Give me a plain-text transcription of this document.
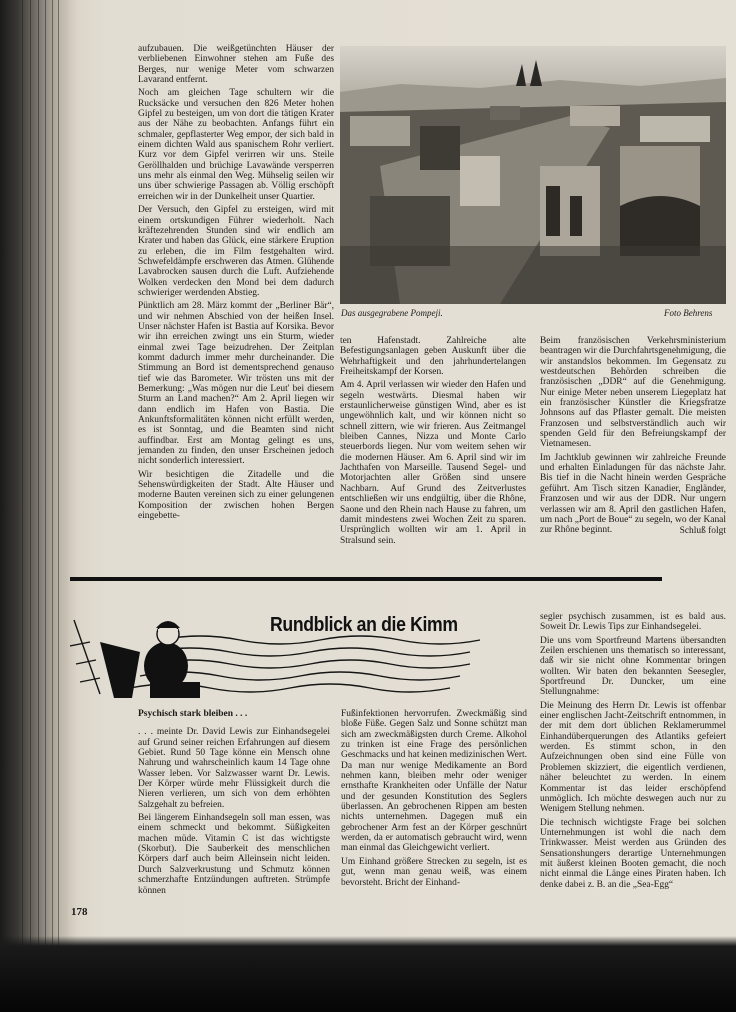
aufzubauen. Die weißgetünchten Häuser der verbliebenen Einwohner stehen am Fuße des Berges, nur wenige Meter vom schwarzen Lavarand entfernt.

Noch am gleichen Tage schultern wir die Rucksäcke und versuchen den 826 Meter hohen Gipfel zu besteigen, um von dort die tätigen Krater aus der Nähe zu beobachten. Anfangs führt ein schmaler, gepflasterter Weg empor, der sich bald in einem dichten Wald aus spanischem Rohr verliert. Kurz vor dem Gipfel verirren wir uns. Steile Geröllhalden und brüchige Lavawände versperren uns mehr als einmal den Weg. Mühselig seilen wir uns über schwierige Passagen ab. Völlig erschöpft erreichen wir in der Dunkelheit unser Quartier.

Der Versuch, den Gipfel zu ersteigen, wird mit einem ortskundigen Führer wiederholt. Nach kräftezehrenden Stunden sind wir endlich am Krater und haben das Glück, eine stärkere Eruption zu erleben, die im Film festgehalten wird. Schwefeldämpfe erschweren das Atmen. Glühende Lavabrocken sausen durch die Luft. Aufziehende Wolken verdecken den Mond bei dem dadurch schwieriger werdenden Abstieg.

Pünktlich am 28. März kommt der „Berliner Bär“, und wir nehmen Abschied von der heißen Insel. Unser nächster Hafen ist Bastia auf Korsika. Bevor wir ihn erreichen zwingt uns ein Sturm, wieder einmal zwei Tage beizudrehen. Der Zeitplan kommt dadurch immer mehr durcheinander. Die Stimmung an Bord ist dementsprechend genauso tief wie das Barometer. Wir trösten uns mit der Bemerkung: „Was mögen nur die Leut' bei diesem Sturm an Land machen?“ Am 2. April liegen wir dann endlich im Hafen von Bastia. Die Ankunftsformalitäten können nicht erfüllt werden, es ist Sonntag, und die Beamten sind nicht auffindbar. Erst am Montag gelingt es uns, jemanden zu finden, den unser Erscheinen jedoch nicht sonderlich interessiert.

Wir besichtigen die Zitadelle und die Sehenswürdigkeiten der Stadt. Alte Häuser und moderne Bauten vereinen sich zu einer gelungenen Komposition der zwischen hohen Bergen eingebette-

Das ausgegrabene Pompeji.	Foto Behrens

ten Hafenstadt. Zahlreiche alte Befestigungsanlagen geben Auskunft über die Wehrhaftigkeit und den jahrhundertelangen Freiheitskampf der Korsen.

Am 4. April verlassen wir wieder den Hafen und segeln westwärts. Diesmal haben wir erstaunlicherweise günstigen Wind, aber es ist ungewöhnlich kalt, und wir können nicht so schnell zittern, wie wir frieren. Aus Zeitmangel bleiben Cannes, Nizza und Monte Carlo steuerbords liegen. Nur vom weitem sehen wir die modernen Häuser. Am 6. April sind wir im Jachthafen von Marseille. Tausend Segel- und Motorjachten aller Größen sind unsere Nachbarn. Auf Grund des Zeitverlustes entschließen wir uns endgültig, über die Rhône, Saone und den Rhein nach Hause zu fahren, um damit mindestens zwei Wochen Zeit zu sparen. Ursprünglich wollten wir am 1. April in Stralsund sein.

Beim französischen Verkehrsministerium beantragen wir die Durchfahrtsgenehmigung, die wir anstandslos bekommen. Im Gegensatz zu westdeutschen Behörden schreiben die französischen „DDR“ auf die Genehmigung. Nur einige Meter neben unserem Liegeplatz hat ein französischer Künstler die Kriegsfratze Johnsons auf das Pflaster gemalt. Die meisten Franzosen und selbstverständlich auch wir spenden Geld für den Befreiungskampf der Vietnamesen.

Im Jachtklub gewinnen wir zahlreiche Freunde und erhalten Einladungen für das nächste Jahr. Bis tief in die Nacht hinein werden Gespräche geführt. Am Tisch sitzen Kanadier, Engländer, Franzosen und wir aus der DDR. Nur ungern verlassen wir am 8. April den gastlichen Hafen, um nach „Port de Boue“ zu segeln, wo der Kanal zur Rhône beginnt.	Schluß folgt
Rundblick an die Kimm
Psychisch stark bleiben . . .

. . . meinte Dr. David Lewis zur Einhandsegelei auf Grund seiner reichen Erfahrungen auf diesem Gebiet. Rund 50 Tage könne ein Mensch ohne Nahrung und wahrscheinlich kaum 14 Tage ohne Wasser leben. Vor Salzwasser warnt Dr. Lewis. Der Körper würde mehr Flüssigkeit durch die Nieren verlieren, um sich von dem erhöhten Salzgehalt zu befreien.

Bei längerem Einhandsegeln soll man essen, was einem schmeckt und bekommt. Süßigkeiten machen müde. Vitamin C ist das wichtigste (Skorbut). Die Sauberkeit des menschlichen Körpers darf auch beim Alleinsein nicht leiden. Durch Salzverkrustung und Schmutz können schmerzhafte Entzündungen auftreten. Strümpfe können

Fußinfektionen hervorrufen. Zweckmäßig sind bloße Füße. Gegen Salz und Sonne schützt man sich am zweckmäßigsten durch Creme. Alkohol zu trinken ist eine Frage des persönlichen Geschmacks und hat keinen medizinischen Wert. Da man nur wenige Medikamente an Bord nehmen kann, bleiben mehr oder weniger ernsthafte Krankheiten oder Unfälle der Natur und der gesunden Konstitution des Seglers überlassen. An gebrochenen Rippen am besten nichts unternehmen. Dagegen muß ein gebrochener Arm fest an der Körper geschnürt werden, da er automatisch gebraucht wird, wenn man einmal das Gleichgewicht verliert.

Um Einhand größere Strecken zu segeln, ist es gut, wenn man genau weiß, was einem bevorsteht. Bricht der Einhand-

segler psychisch zusammen, ist es bald aus. Soweit Dr. Lewis Tips zur Einhandsegelei.

Die uns vom Sportfreund Martens übersandten Zeilen erschienen uns thematisch so interessant, daß wir sie nicht ohne Kommentar bringen wollten. Wir baten den bekannten Seesegler, Sportfreund Dr. Duncker, um eine Stellungnahme:

Die Meinung des Herrn Dr. Lewis ist offenbar einer englischen Jacht-Zeitschrift entnommen, in der mit dem dort üblichen Reklamerummel Einhandüberquerungen des Atlantiks gefeiert werden. Es stimmt schon, in den Aufzeichnungen oben sind eine Fülle von Problemen skizziert, die eigentlich verdienen, näher beleuchtet zu werden. In einem Kommentar ist das leider erschöpfend unmöglich. Ich möchte deswegen auch nur zu Wenigem Stellung nehmen.

Die technisch wichtigste Frage bei solchen Unternehmungen ist wohl die nach dem Trinkwasser. Meist werden aus Gründen des Sensationshungers derartige Unternehmungen mit äußerst kleinen Booten gemacht, die noch nicht einmal die Länge eines Piraten haben. Ich denke dabei z. B. an die „Sea-Egg“

178
